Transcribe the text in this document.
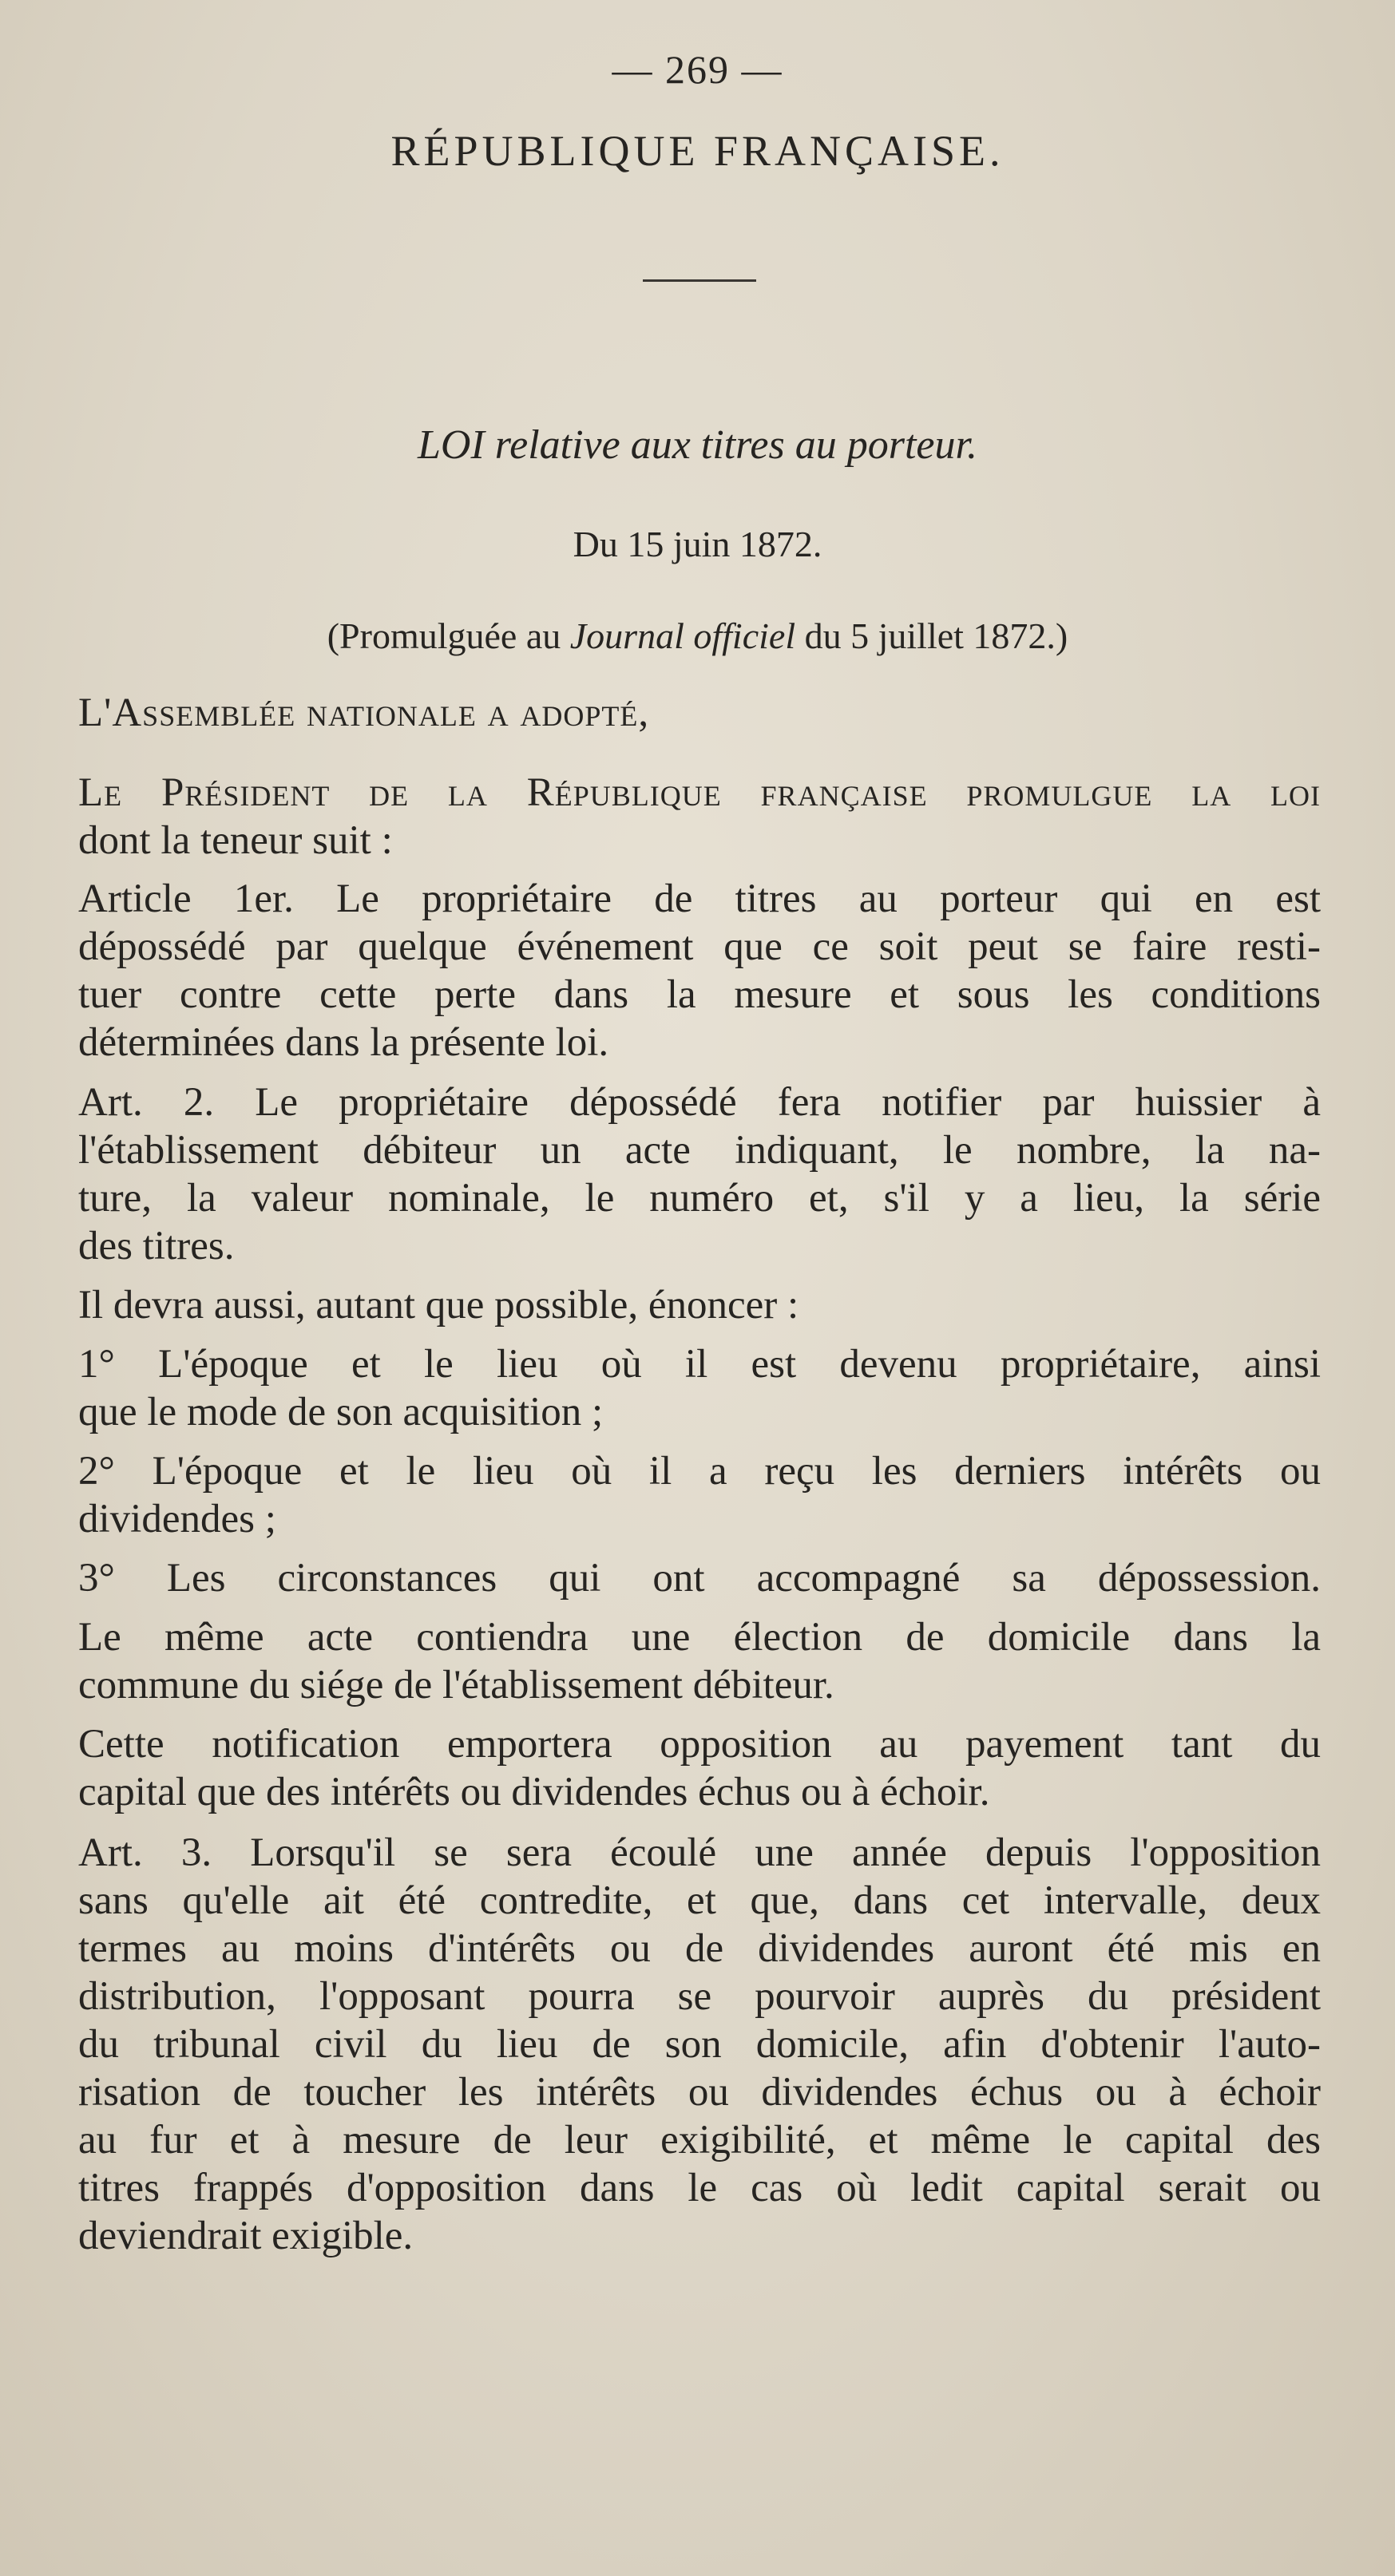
— 269 —
RÉPUBLIQUE FRANÇAISE.
LOI relative aux titres au porteur.
Du 15 juin 1872.
(Promulguée au Journal officiel du 5 juillet 1872.)
L'Assemblée nationale a adopté,
Le Président de la République française promulgue la loi
dont la teneur suit :
Article 1er. Le propriétaire de titres au porteur qui en est
dépossédé par quelque événement que ce soit peut se faire resti-
tuer contre cette perte dans la mesure et sous les conditions
déterminées dans la présente loi.
Art. 2. Le propriétaire dépossédé fera notifier par huissier à
l'établissement débiteur un acte indiquant, le nombre, la na-
ture, la valeur nominale, le numéro et, s'il y a lieu, la série
des titres.
Il devra aussi, autant que possible, énoncer :
1° L'époque et le lieu où il est devenu propriétaire, ainsi
que le mode de son acquisition ;
2° L'époque et le lieu où il a reçu les derniers intérêts ou
dividendes ;
3° Les circonstances qui ont accompagné sa dépossession.
Le même acte contiendra une élection de domicile dans la
commune du siége de l'établissement débiteur.
Cette notification emportera opposition au payement tant du
capital que des intérêts ou dividendes échus ou à échoir.
Art. 3. Lorsqu'il se sera écoulé une année depuis l'opposition
sans qu'elle ait été contredite, et que, dans cet intervalle, deux
termes au moins d'intérêts ou de dividendes auront été mis en
distribution, l'opposant pourra se pourvoir auprès du président
du tribunal civil du lieu de son domicile, afin d'obtenir l'auto-
risation de toucher les intérêts ou dividendes échus ou à échoir
au fur et à mesure de leur exigibilité, et même le capital des
titres frappés d'opposition dans le cas où ledit capital serait ou
deviendrait exigible.
